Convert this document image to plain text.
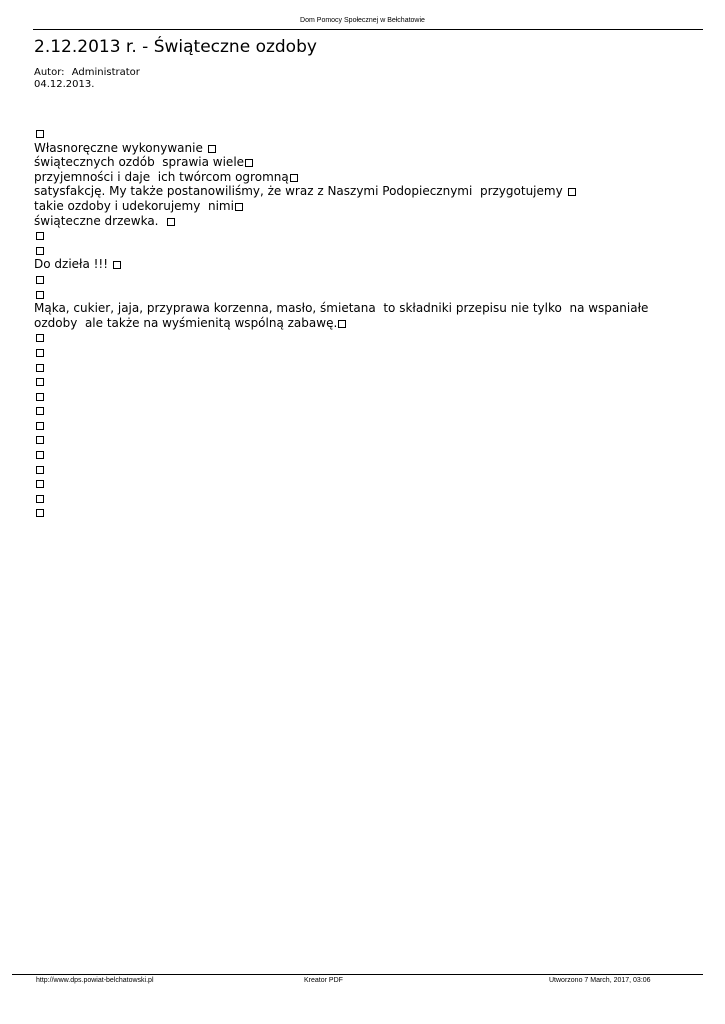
Dom Pomocy Społecznej w Bełchatowie
2.12.2013 r. - Świąteczne ozdoby
Autor: Administrator
04.12.2013.
Własnoręczne wykonywanie
świątecznych ozdób  sprawia wiele
przyjemności i daje  ich twórcom ogromną
satysfakcję. My także postanowiliśmy, że wraz z Naszymi Podopiecznymi  przygotujemy
takie ozdoby i udekorujemy  nimi
świąteczne drzewka.
Do dzieła !!!
Mąka, cukier, jaja, przyprawa korzenna, masło, śmietana  to składniki przepisu nie tylko  na wspaniałe ozdoby  ale także na wyśmienitą wspólną zabawę.
http://www.dps.powiat-belchatowski.pl	Kreator PDF	Utworzono 7 March, 2017, 03:06
